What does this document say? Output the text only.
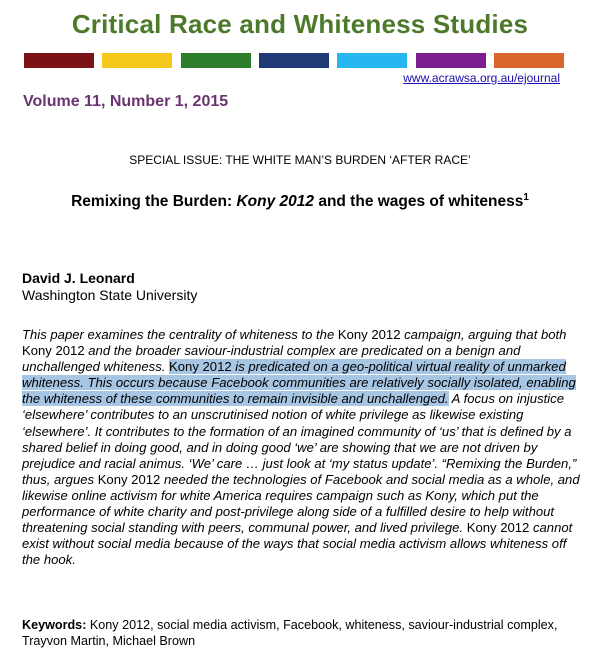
Critical Race and Whiteness Studies
www.acrawsa.org.au/ejournal
Volume 11, Number 1, 2015
SPECIAL ISSUE: THE WHITE MAN’S BURDEN ‘AFTER RACE’
Remixing the Burden: Kony 2012 and the wages of whiteness$^1$
David J. Leonard
Washington State University
This paper examines the centrality of whiteness to the Kony 2012 campaign, arguing that both Kony 2012 and the broader saviour-industrial complex are predicated on a benign and unchallenged whiteness. Kony 2012 is predicated on a geo-political virtual reality of unmarked whiteness. This occurs because Facebook communities are relatively socially isolated, enabling the whiteness of these communities to remain invisible and unchallenged. A focus on injustice ‘elsewhere’ contributes to an unscrutinised notion of white privilege as likewise existing ‘elsewhere’. It contributes to the formation of an imagined community of ‘us’ that is defined by a shared belief in doing good, and in doing good ‘we’ are showing that we are not driven by prejudice and racial animus. ‘We’ care … just look at ‘my status update’. “Remixing the Burden,” thus, argues Kony 2012 needed the technologies of Facebook and social media as a whole, and likewise online activism for white America requires campaign such as Kony, which put the performance of white charity and post-privilege along side of a fulfilled desire to help without threatening social standing with peers, communal power, and lived privilege. Kony 2012 cannot exist without social media because of the ways that social media activism allows whiteness off the hook.
Keywords: Kony 2012, social media activism, Facebook, whiteness, saviour-industrial complex, Trayvon Martin, Michael Brown
